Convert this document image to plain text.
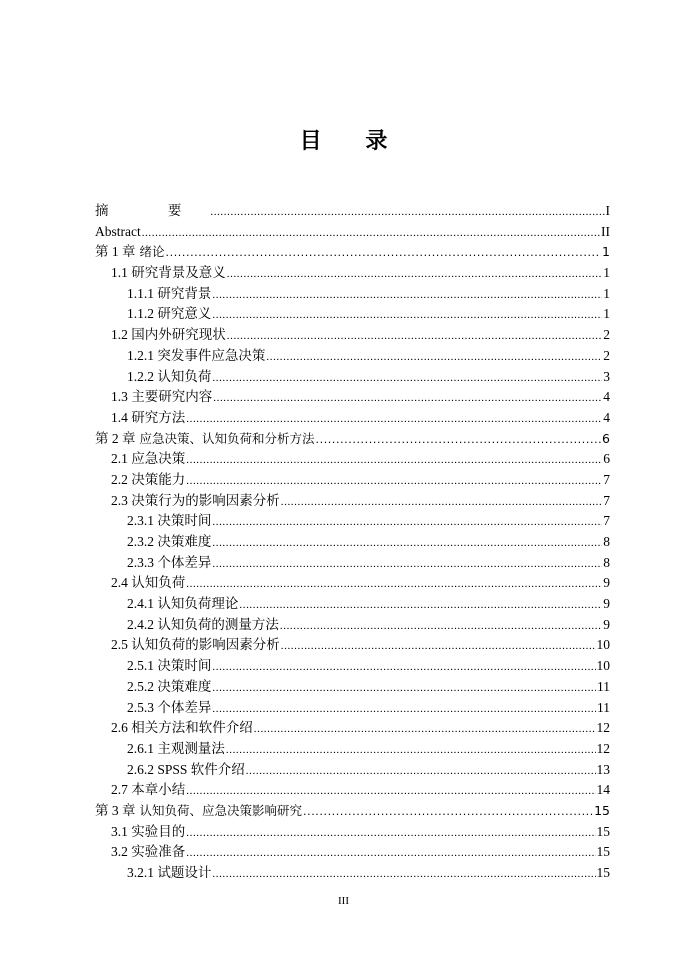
目 录
摘 要 .....	I
Abstract .....	II
第 1 章 绪论 .....	1
1.1 研究背景及意义 .....	1
1.1.1 研究背景 .....	1
1.1.2 研究意义 .....	1
1.2 国内外研究现状 .....	2
1.2.1 突发事件应急决策 .....	2
1.2.2 认知负荷 .....	3
1.3 主要研究内容 .....	4
1.4 研究方法 .....	4
第 2 章 应急决策、认知负荷和分析方法 .....	6
2.1 应急决策 .....	6
2.2 决策能力 .....	7
2.3 决策行为的影响因素分析 .....	7
2.3.1 决策时间 .....	7
2.3.2 决策难度 .....	8
2.3.3 个体差异 .....	8
2.4 认知负荷 .....	9
2.4.1 认知负荷理论 .....	9
2.4.2 认知负荷的测量方法 .....	9
2.5 认知负荷的影响因素分析 .....	10
2.5.1 决策时间 .....	10
2.5.2 决策难度 .....	11
2.5.3 个体差异 .....	11
2.6 相关方法和软件介绍 .....	12
2.6.1 主观测量法 .....	12
2.6.2 SPSS 软件介绍 .....	13
2.7 本章小结 .....	14
第 3 章 认知负荷、应急决策影响研究 .....	15
3.1 实验目的 .....	15
3.2 实验准备 .....	15
3.2.1 试题设计 .....	15
III
